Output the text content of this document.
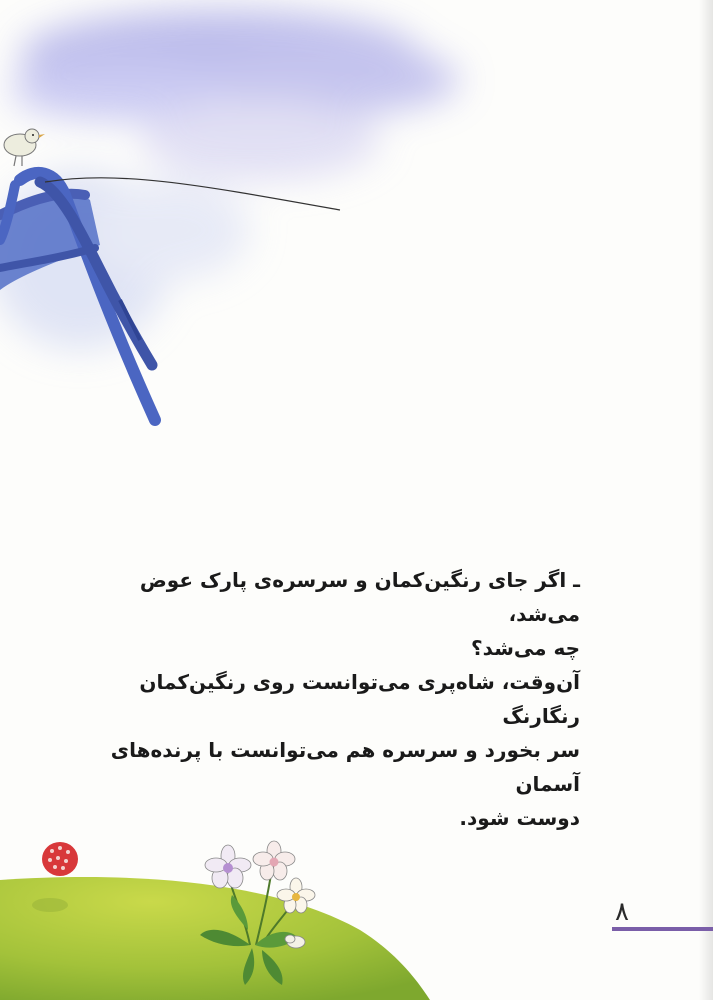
ـ اگر جای رنگین‌کمان و سرسره‌ی پارک عوض می‌شد،

چه می‌شد؟

آن‌وقت، شاه‌پری می‌توانست روی رنگین‌کمان رنگارنگ

سر بخورد و سرسره هم می‌توانست با پرنده‌های آسمان

دوست شود.

۸
